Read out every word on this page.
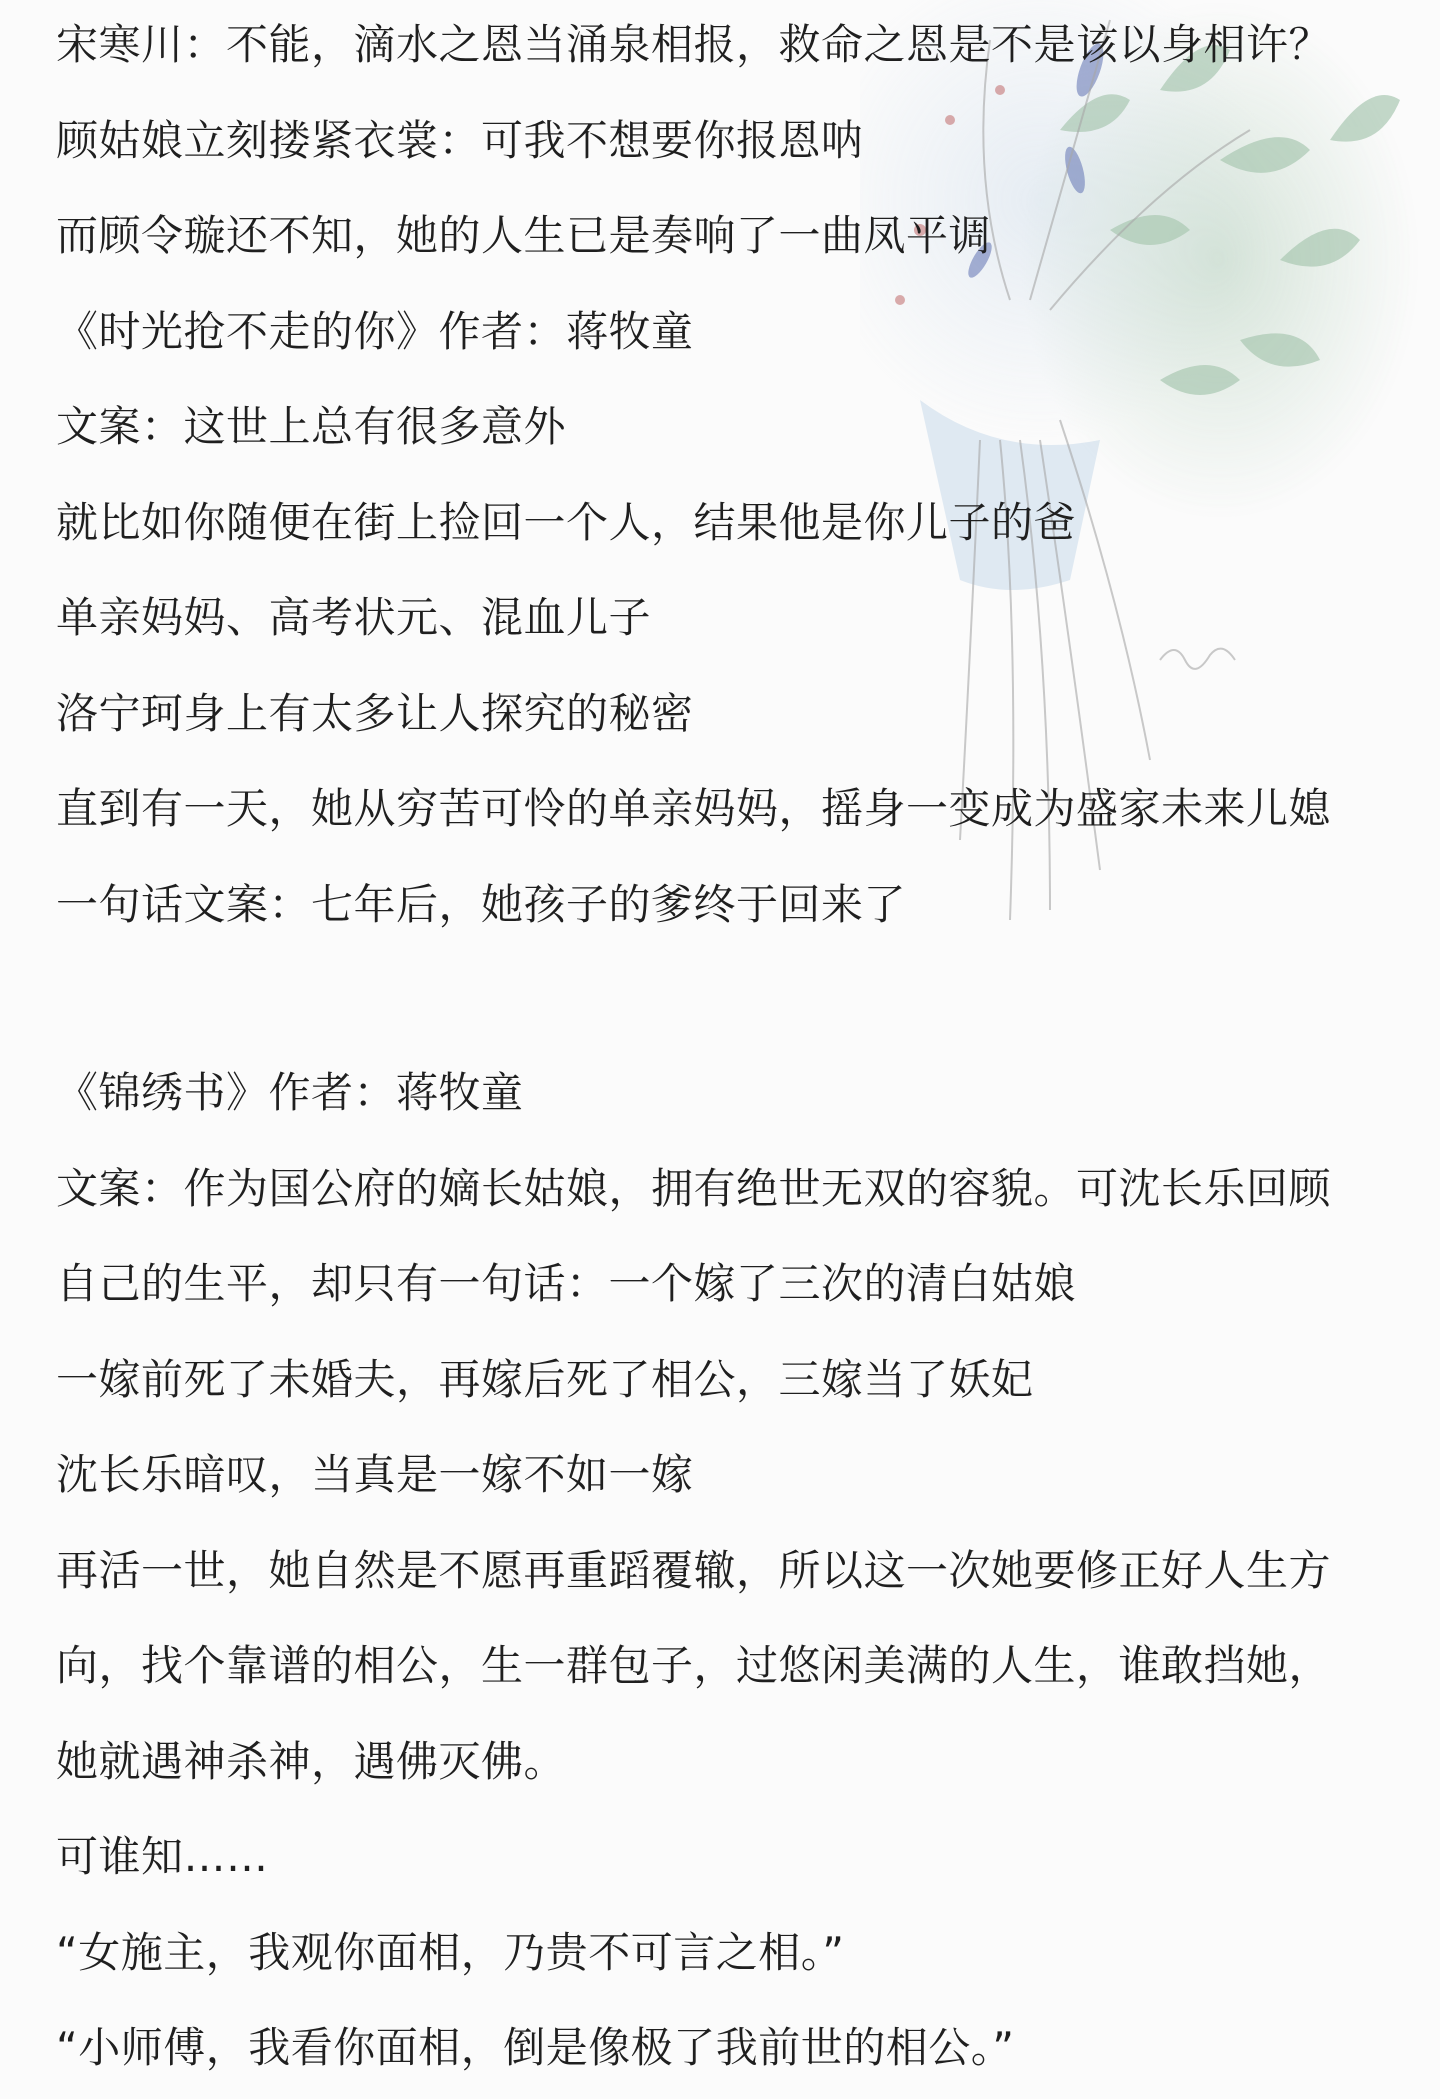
宋寒川：不能，滴水之恩当涌泉相报，救命之恩是不是该以身相许？

顾姑娘立刻搂紧衣裳：可我不想要你报恩呐

而顾令璇还不知，她的人生已是奏响了一曲凤平调

《时光抢不走的你》作者：蒋牧童

文案：这世上总有很多意外

就比如你随便在街上捡回一个人，结果他是你儿子的爸

单亲妈妈、高考状元、混血儿子

洛宁珂身上有太多让人探究的秘密

直到有一天，她从穷苦可怜的单亲妈妈，摇身一变成为盛家未来儿媳

一句话文案：七年后，她孩子的爹终于回来了

《锦绣书》作者：蒋牧童

文案：作为国公府的嫡长姑娘，拥有绝世无双的容貌。可沈长乐回顾

自己的生平，却只有一句话：一个嫁了三次的清白姑娘

一嫁前死了未婚夫，再嫁后死了相公，三嫁当了妖妃

沈长乐暗叹，当真是一嫁不如一嫁

再活一世，她自然是不愿再重蹈覆辙，所以这一次她要修正好人生方

向，找个靠谱的相公，生一群包子，过悠闲美满的人生，谁敢挡她，

她就遇神杀神，遇佛灭佛。

可谁知……

“女施主，我观你面相，乃贵不可言之相。”

“小师傅，我看你面相，倒是像极了我前世的相公。”
